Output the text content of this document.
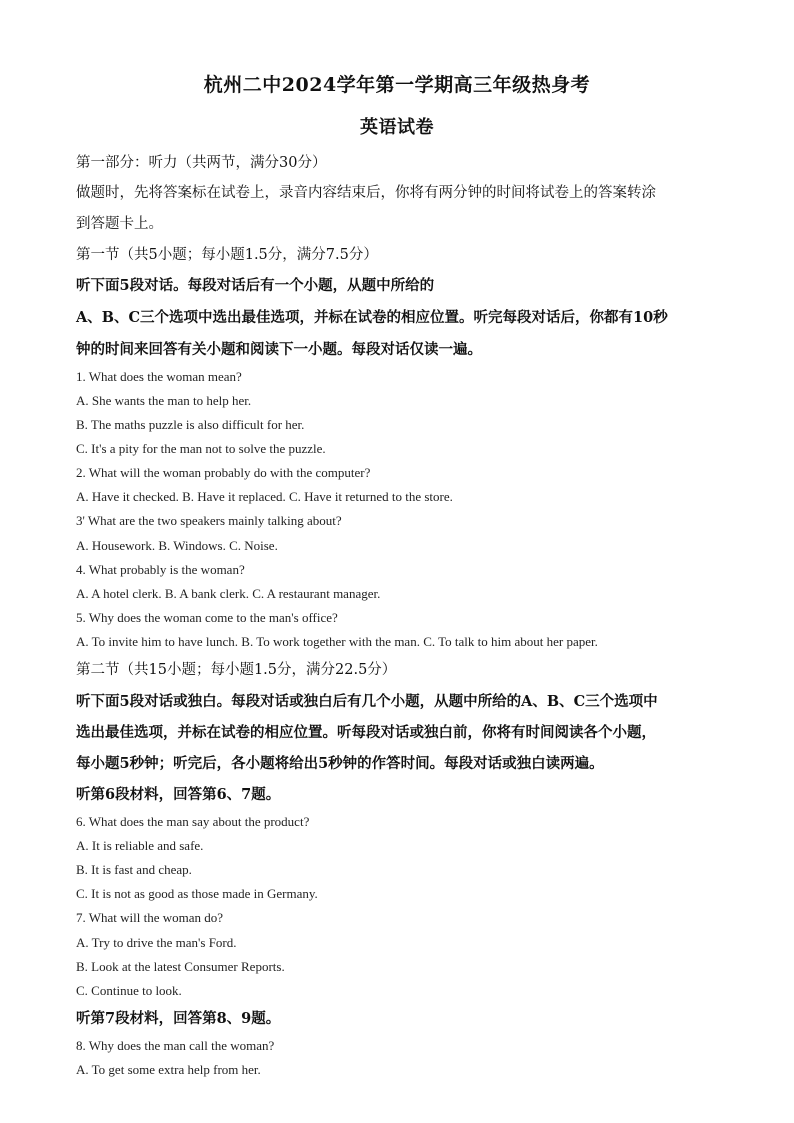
杭州二中2024学年第一学期高三年级热身考
英语试卷
第一部分：听力（共两节，满分30分）
做题时，先将答案标在试卷上，录音内容结束后，你将有两分钟的时间将试卷上的答案转涂
到答题卡上。
第一节（共5小题；每小题1.5分，满分7.5分）
听下面5段对话。每段对话后有一个小题，从题中所给的
A、B、C三个选项中选出最佳选项，并标在试卷的相应位置。听完每段对话后，你都有10秒
钟的时间来回答有关小题和阅读下一小题。每段对话仅读一遍。
1. What does the woman mean?
A. She wants the man to help her.
B. The maths puzzle is also difficult for her.
C. It's a pity for the man not to solve the puzzle.
2. What will the woman probably do with the computer?
A. Have it checked. B. Have it replaced. C. Have it returned to the store.
3' What are the two speakers mainly talking about?
A. Housework. B. Windows. C. Noise.
4. What probably is the woman?
A. A hotel clerk. B. A bank clerk. C. A restaurant manager.
5. Why does the woman come to the man's office?
A. To invite him to have lunch. B. To work together with the man. C. To talk to him about her paper.
第二节（共15小题；每小题1.5分，满分22.5分）
听下面5段对话或独白。每段对话或独白后有几个小题，从题中所给的A、B、C三个选项中
选出最佳选项，并标在试卷的相应位置。听每段对话或独白前，你将有时间阅读各个小题，
每小题5秒钟；听完后，各小题将给出5秒钟的作答时间。每段对话或独白读两遍。
听第6段材料，回答第6、7题。
6. What does the man say about the product?
A. It is reliable and safe.
B. It is fast and cheap.
C. It is not as good as those made in Germany.
7. What will the woman do?
A. Try to drive the man's Ford.
B. Look at the latest Consumer Reports.
C. Continue to look.
听第7段材料，回答第8、9题。
8. Why does the man call the woman?
A. To get some extra help from her.
